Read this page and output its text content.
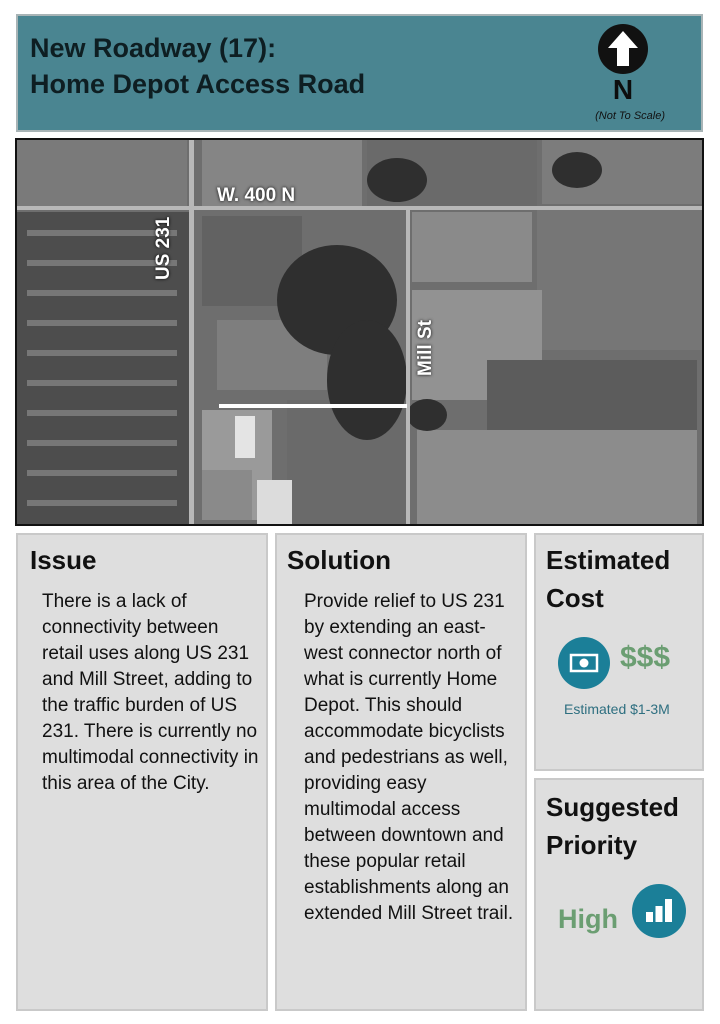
New Roadway (17):
Home Depot Access Road	N
(Not To Scale)
W. 400 N
US 231
Mill St
Issue

There is a lack of connectivity between retail uses along US 231 and Mill Street, adding to the traffic burden of US 231. There is currently no multimodal connectivity in this area of the City.

Solution

Provide relief to US 231 by extending an east-west connector north of what is currently Home Depot. This should accommodate bicyclists and pedestrians as well, providing easy multimodal access between downtown and these popular retail establishments along an extended Mill Street trail.

Estimated
Cost
$$$
Estimated $1-3M
Suggested
Priority
High
